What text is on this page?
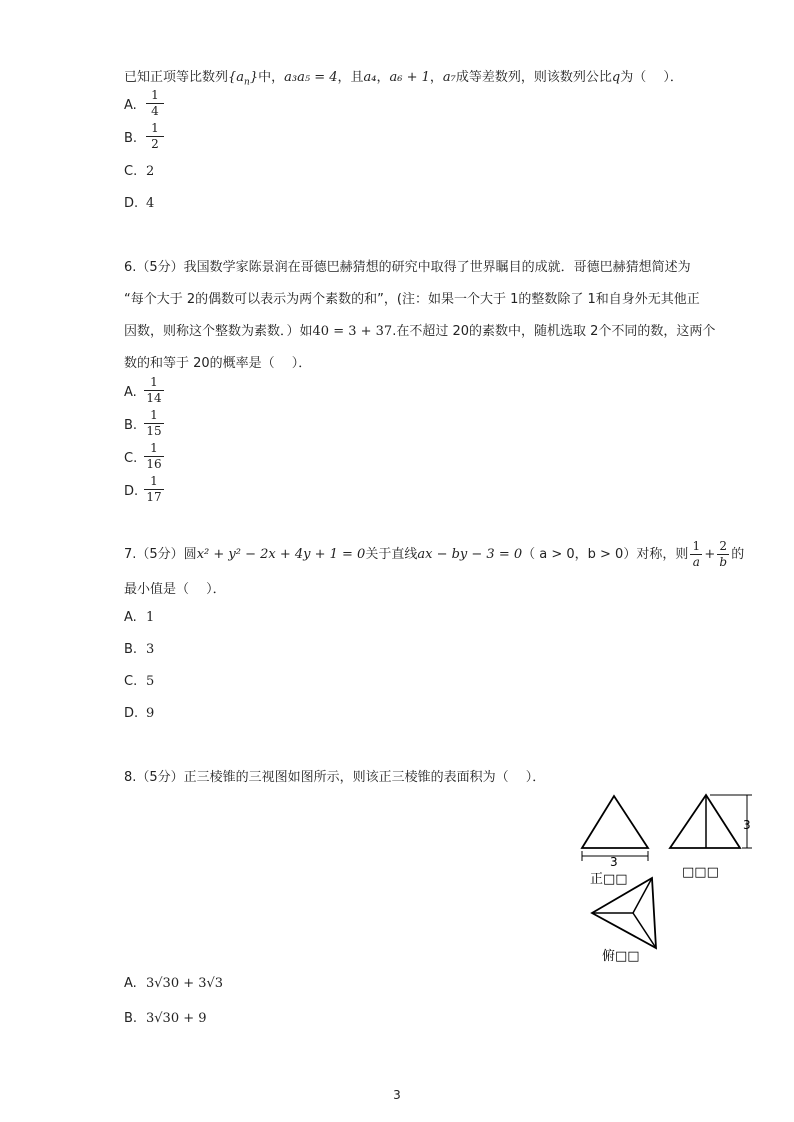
已知正项等比数列$\{a_n\}$中，a₃a₅ = 4，且a₄，a₆ + 1，a₇成等差数列，则该数列公比q为（　 ）．
A.
1
4
B.
1
2
C. 2
D. 4
6.（5分）我国数学家陈景润在哥德巴赫猜想的研究中取得了世界瞩目的成就．哥德巴赫猜想简述为
“每个大于 2的偶数可以表示为两个素数的和”，(注：如果一个大于 1的整数除了 1和自身外无其他正
因数，则称这个整数为素数．）如40 = 3 + 37.在不超过 20的素数中，随机选取 2个不同的数，这两个
数的和等于 20的概率是（　 ）．
A.
1
14
B.
1
15
C.
1
16
D.
1
17
7.（5分）圆x² + y² − 2x + 4y + 1 = 0关于直线ax − by − 3 = 0（ a > 0，b > 0）对称，则 $\frac{1}{a} + \frac{2}{b}$ 的
最小值是（　 ）．
A. 1
B. 3
C. 5
D. 9
8.（5分）正三棱锥的三视图如图所示，则该正三棱锥的表面积为（　 ）．
3
正□□
3
□□□
俯□□
A. 3√30 + 3√3
B. 3√30 + 9
3
